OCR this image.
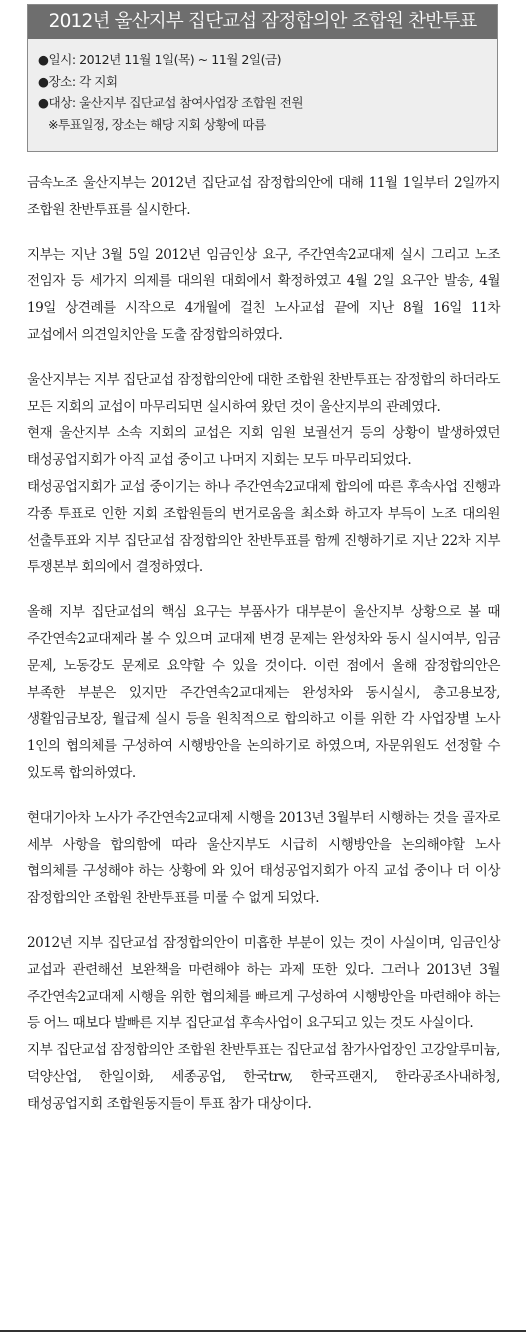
2012년 울산지부 집단교섭 잠정합의안 조합원 찬반투표
●일시: 2012년 11월 1일(목) ~ 11월 2일(금)
●장소: 각 지회
●대상: 울산지부 집단교섭 참여사업장 조합원 전원
※투표일정, 장소는 해당 지회 상황에 따름

금속노조 울산지부는 2012년 집단교섭 잠정합의안에 대해 11월 1일부터 2일까지 조합원 찬반투표를 실시한다.

지부는 지난 3월 5일 2012년 임금인상 요구, 주간연속2교대제 실시 그리고 노조 전임자 등 세가지 의제를 대의원 대회에서 확정하였고 4월 2일 요구안 발송, 4월 19일 상견례를 시작으로 4개월에 걸친 노사교섭 끝에 지난 8월 16일 11차 교섭에서 의견일치안을 도출 잠정합의하였다.

울산지부는 지부 집단교섭 잠정합의안에 대한 조합원 찬반투표는 잠정합의 하더라도 모든 지회의 교섭이 마무리되면 실시하여 왔던 것이 울산지부의 관례였다.

현재 울산지부 소속 지회의 교섭은 지회 임원 보궐선거 등의 상황이 발생하였던 태성공업지회가 아직 교섭 중이고 나머지 지회는 모두 마무리되었다.

태성공업지회가 교섭 중이기는 하나 주간연속2교대제 합의에 따른 후속사업 진행과 각종 투표로 인한 지회 조합원들의 번거로움을 최소화 하고자 부득이 노조 대의원 선출투표와 지부 집단교섭 잠정합의안 찬반투표를 함께 진행하기로 지난 22차 지부 투쟁본부 회의에서 결정하였다.

올해 지부 집단교섭의 핵심 요구는 부품사가 대부분이 울산지부 상황으로 볼 때 주간연속2교대제라 볼 수 있으며 교대제 변경 문제는 완성차와 동시 실시여부, 임금 문제, 노동강도 문제로 요약할 수 있을 것이다. 이런 점에서 올해 잠정합의안은 부족한 부분은 있지만 주간연속2교대제는 완성차와 동시실시, 총고용보장, 생활임금보장, 월급제 실시 등을 원칙적으로 합의하고 이를 위한 각 사업장별 노사 1인의 협의체를 구성하여 시행방안을 논의하기로 하였으며, 자문위원도 선정할 수 있도록 합의하였다.

현대기아차 노사가 주간연속2교대제 시행을 2013년 3월부터 시행하는 것을 골자로 세부 사항을 합의함에 따라 울산지부도 시급히 시행방안을 논의해야할 노사 협의체를 구성해야 하는 상황에 와 있어 태성공업지회가 아직 교섭 중이나 더 이상 잠정합의안 조합원 찬반투표를 미룰 수 없게 되었다.

2012년 지부 집단교섭 잠정합의안이 미흡한 부분이 있는 것이 사실이며, 임금인상 교섭과 관련해선 보완책을 마련해야 하는 과제 또한 있다. 그러나 2013년 3월 주간연속2교대제 시행을 위한 협의체를 빠르게 구성하여 시행방안을 마련해야 하는 등 어느 때보다 발빠른 지부 집단교섭 후속사업이 요구되고 있는 것도 사실이다.

지부 집단교섭 잠정합의안 조합원 찬반투표는 집단교섭 참가사업장인 고강알루미늄, 덕양산업, 한일이화, 세종공업, 한국trw, 한국프랜지, 한라공조사내하청, 태성공업지회 조합원동지들이 투표 참가 대상이다.
